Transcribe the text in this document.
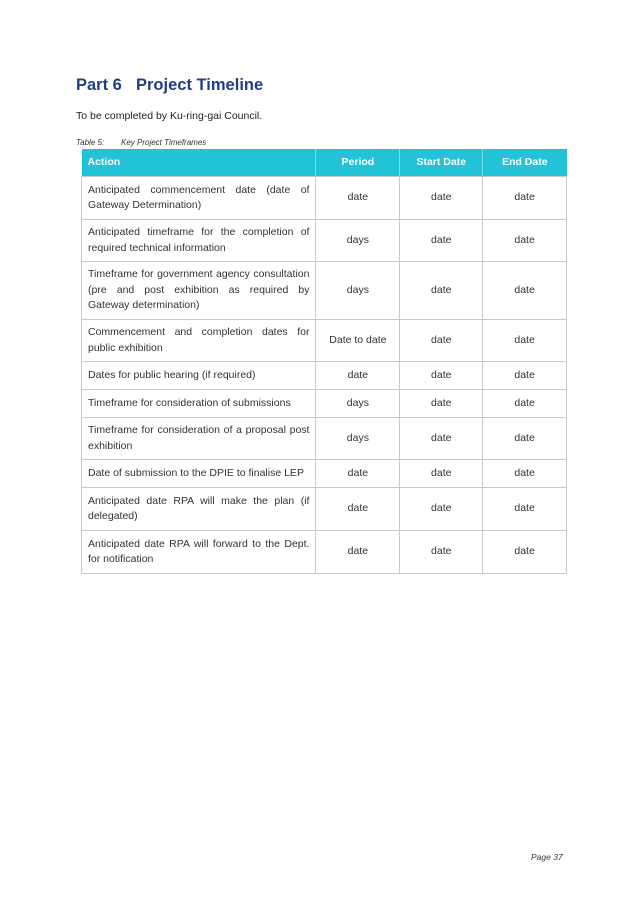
Part 6 Project Timeline
To be completed by Ku-ring-gai Council.
Table 5: Key Project Timeframes
Action	Period	Start Date	End Date
Anticipated commencement date (date of Gateway Determination)	date	date	date
Anticipated timeframe for the completion of required technical information	days	date	date
Timeframe for government agency consultation (pre and post exhibition as required by Gateway determination)	days	date	date
Commencement and completion dates for public exhibition	Date to date	date	date
Dates for public hearing (if required)	date	date	date
Timeframe for consideration of submissions	days	date	date
Timeframe for consideration of a proposal post exhibition	days	date	date
Date of submission to the DPIE to finalise LEP	date	date	date
Anticipated date RPA will make the plan (if delegated)	date	date	date
Anticipated date RPA will forward to the Dept. for notification	date	date	date
Page 37
